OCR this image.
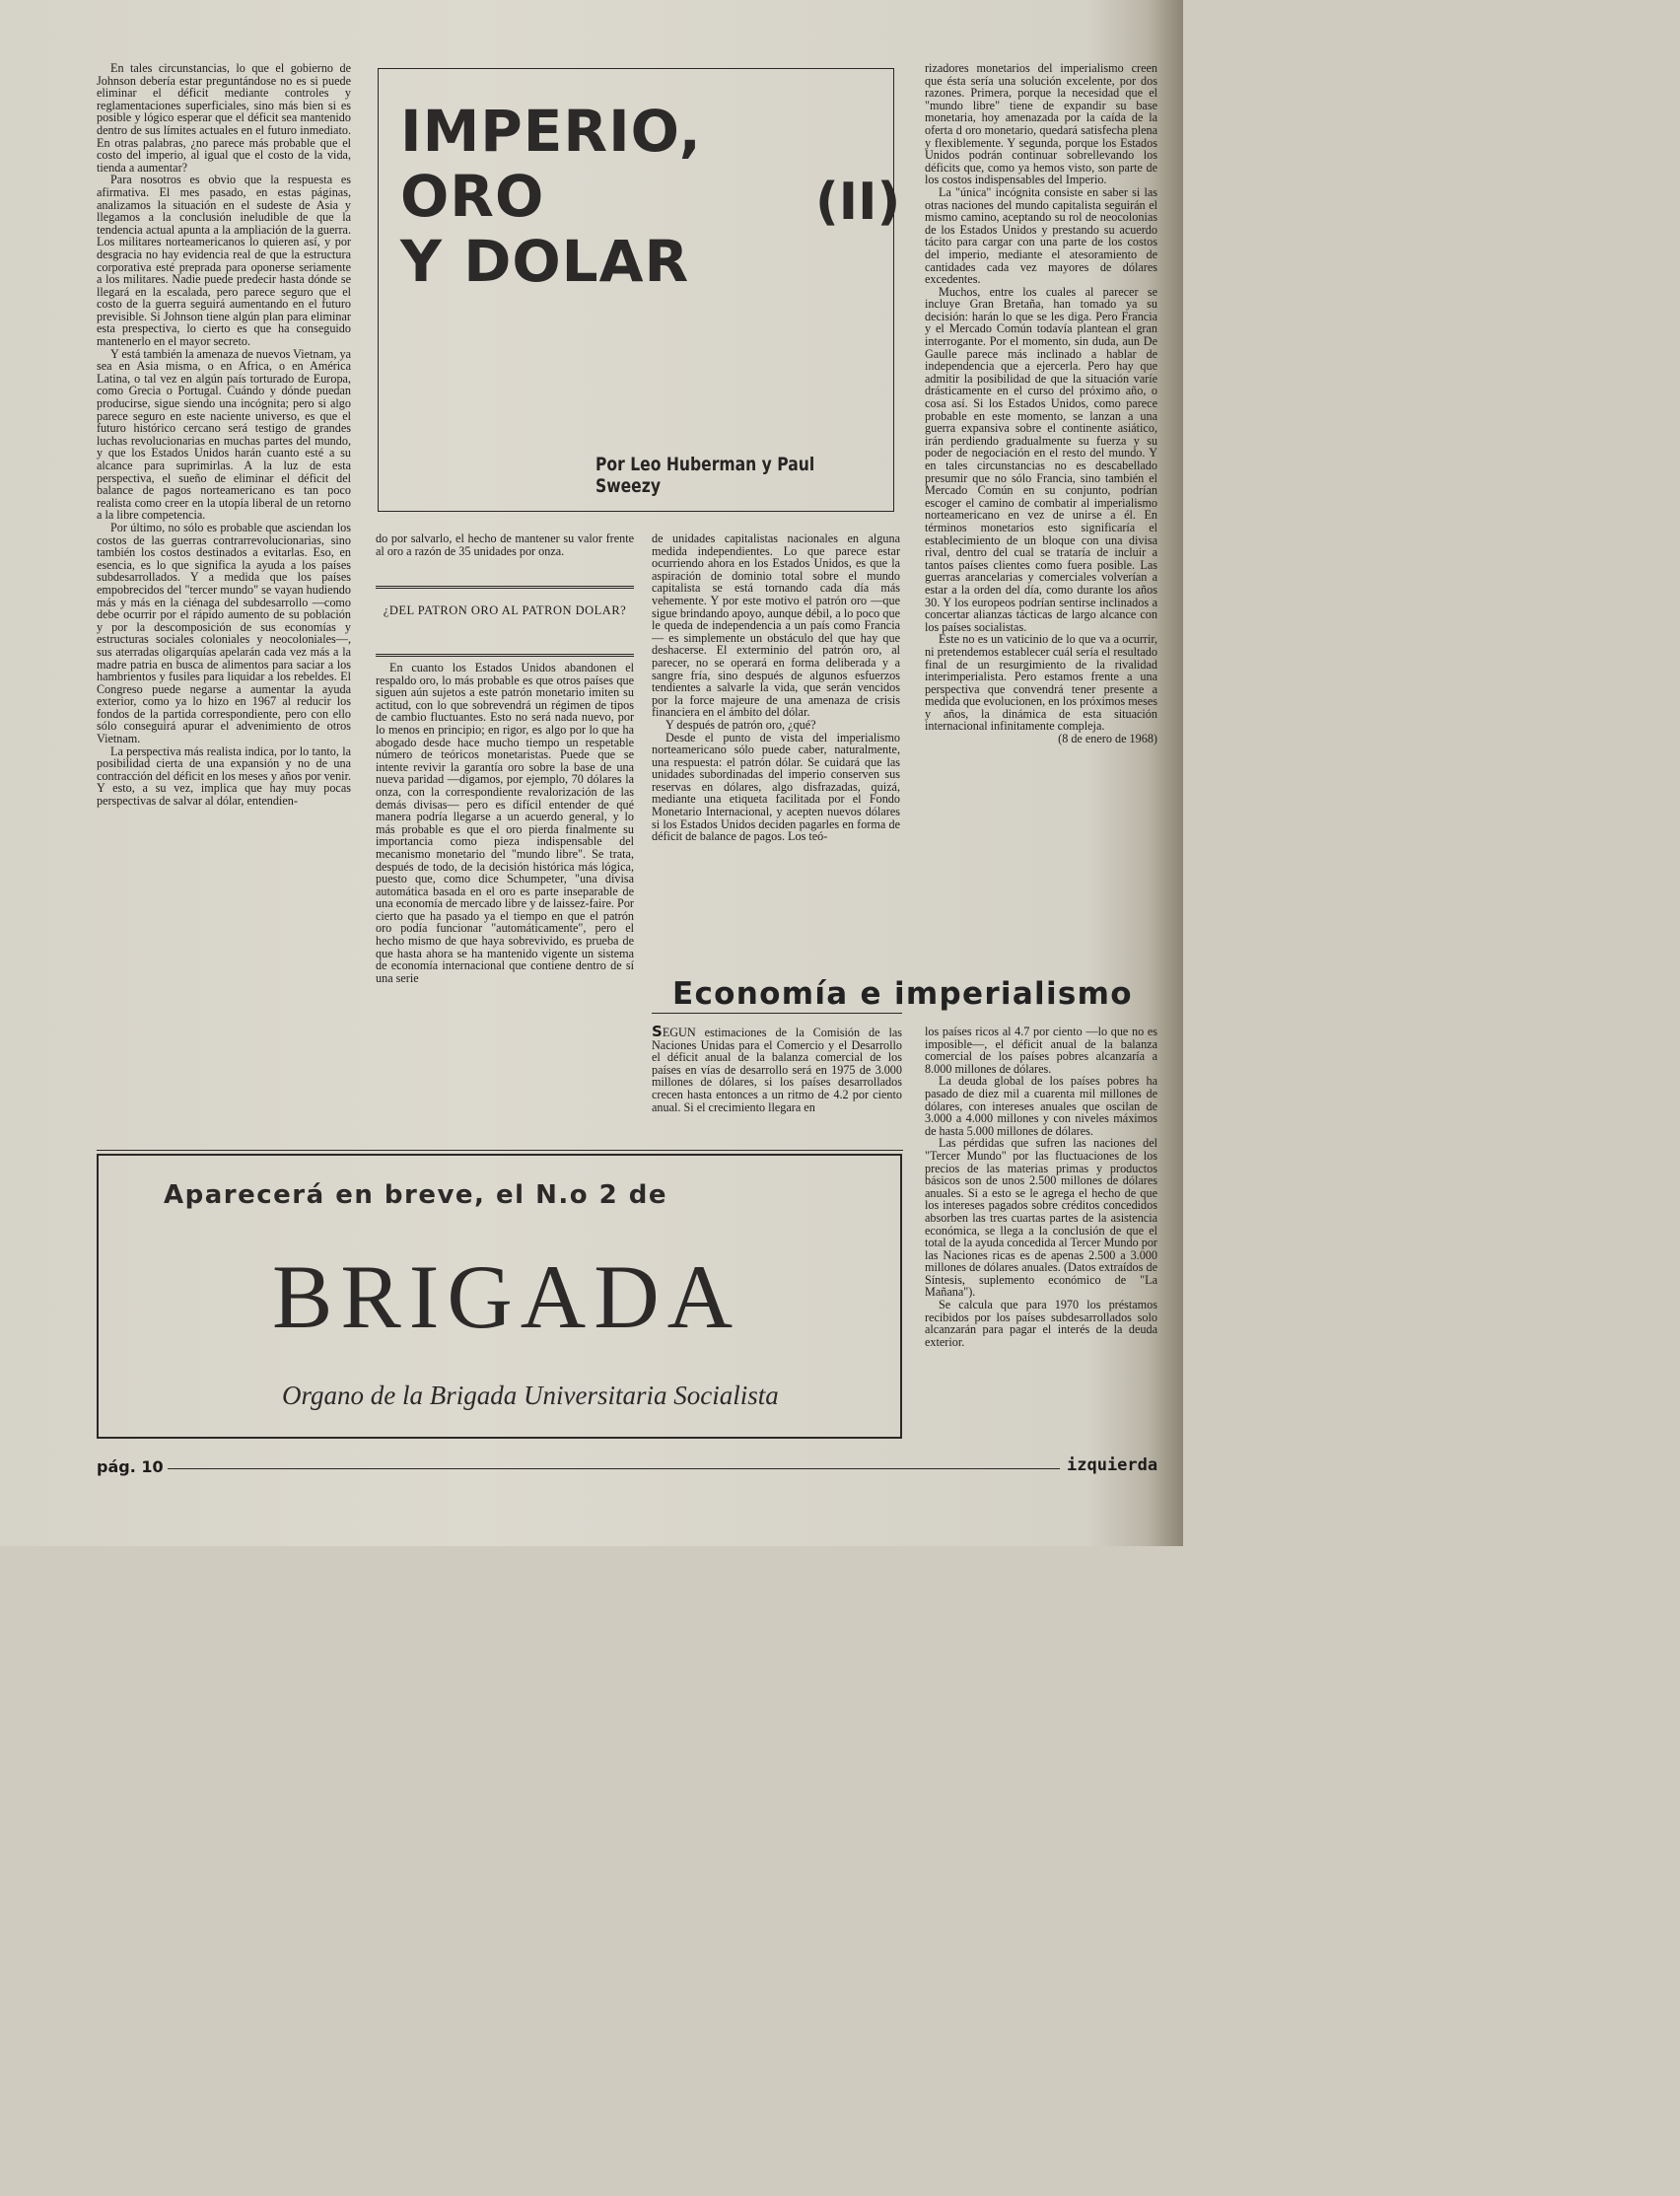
En tales circunstancias, lo que el gobierno de Johnson debería estar preguntándose no es si puede eliminar el déficit mediante controles y reglamentaciones superficiales, sino más bien si es posible y lógico esperar que el déficit sea mantenido dentro de sus límites actuales en el futuro inmediato. En otras palabras, ¿no parece más probable que el costo del imperio, al igual que el costo de la vida, tienda a aumentar?

Para nosotros es obvio que la respuesta es afirmativa. El mes pasado, en estas páginas, analizamos la situación en el sudeste de Asia y llegamos a la conclusión ineludible de que la tendencia actual apunta a la ampliación de la guerra. Los militares norteamericanos lo quieren así, y por desgracia no hay evidencia real de que la estructura corporativa esté preprada para oponerse seriamente a los militares. Nadie puede predecir hasta dónde se llegará en la escalada, pero parece seguro que el costo de la guerra seguirá aumentando en el futuro previsible. Si Johnson tiene algún plan para eliminar esta prespectiva, lo cierto es que ha conseguido mantenerlo en el mayor secreto.

Y está también la amenaza de nuevos Vietnam, ya sea en Asia misma, o en Africa, o en América Latina, o tal vez en algún país torturado de Europa, como Grecia o Portugal. Cuándo y dónde puedan producirse, sigue siendo una incógnita; pero si algo parece seguro en este naciente universo, es que el futuro histórico cercano será testigo de grandes luchas revolucionarias en muchas partes del mundo, y que los Estados Unidos harán cuanto esté a su alcance para suprimirlas. A la luz de esta perspectiva, el sueño de eliminar el déficit del balance de pagos norteamericano es tan poco realista como creer en la utopía liberal de un retorno a la libre competencia.

Por último, no sólo es probable que asciendan los costos de las guerras contrarrevolucionarias, sino también los costos destinados a evitarlas. Eso, en esencia, es lo que significa la ayuda a los países subdesarrollados. Y a medida que los países empobrecidos del "tercer mundo" se vayan hudiendo más y más en la ciénaga del subdesarrollo —como debe ocurrir por el rápido aumento de su población y por la descomposición de sus economías y estructuras sociales coloniales y neocoloniales—, sus aterradas oligarquías apelarán cada vez más a la madre patria en busca de alimentos para saciar a los hambrientos y fusiles para liquidar a los rebeldes. El Congreso puede negarse a aumentar la ayuda exterior, como ya lo hizo en 1967 al reducir los fondos de la partida correspondiente, pero con ello sólo conseguirá apurar el advenimiento de otros Vietnam.

La perspectiva más realista indica, por lo tanto, la posibilidad cierta de una expansión y no de una contracción del déficit en los meses y años por venir. Y esto, a su vez, implica que hay muy pocas perspectivas de salvar al dólar, entendien-

IMPERIO,
ORO
Y DOLAR
(II)
Por Leo Huberman y Paul Sweezy

do por salvarlo, el hecho de mantener su valor frente al oro a razón de 35 unidades por onza.

¿DEL PATRON ORO AL PATRON DOLAR?

En cuanto los Estados Unidos abandonen el respaldo oro, lo más probable es que otros países que siguen aún sujetos a este patrón monetario imiten su actitud, con lo que sobrevendrá un régimen de tipos de cambio fluctuantes. Esto no será nada nuevo, por lo menos en principio; en rigor, es algo por lo que ha abogado desde hace mucho tiempo un respetable número de teóricos monetaristas. Puede que se intente revivir la garantía oro sobre la base de una nueva paridad —digamos, por ejemplo, 70 dólares la onza, con la correspondiente revalorización de las demás divisas— pero es difícil entender de qué manera podría llegarse a un acuerdo general, y lo más probable es que el oro pierda finalmente su importancia como pieza indispensable del mecanismo monetario del "mundo libre". Se trata, después de todo, de la decisión histórica más lógica, puesto que, como dice Schumpeter, "una divisa automática basada en el oro es parte inseparable de una economía de mercado libre y de laissez-faire. Por cierto que ha pasado ya el tiempo en que el patrón oro podía funcionar "automáticamente", pero el hecho mismo de que haya sobrevivido, es prueba de que hasta ahora se ha mantenido vigente un sistema de economía internacional que contiene dentro de sí una serie

de unidades capitalistas nacionales en alguna medida independientes. Lo que parece estar ocurriendo ahora en los Estados Unidos, es que la aspiración de dominio total sobre el mundo capitalista se está tornando cada día más vehemente. Y por este motivo el patrón oro —que sigue brindando apoyo, aunque débil, a lo poco que le queda de independencia a un país como Francia— es simplemente un obstáculo del que hay que deshacerse. El exterminio del patrón oro, al parecer, no se operará en forma deliberada y a sangre fría, sino después de algunos esfuerzos tendientes a salvarle la vida, que serán vencidos por la force majeure de una amenaza de crisis financiera en el ámbito del dólar.

Y después de patrón oro, ¿qué?

Desde el punto de vista del imperialismo norteamericano sólo puede caber, naturalmente, una respuesta: el patrón dólar. Se cuidará que las unidades subordinadas del imperio conserven sus reservas en dólares, algo disfrazadas, quizá, mediante una etiqueta facilitada por el Fondo Monetario Internacional, y acepten nuevos dólares si los Estados Unidos deciden pagarles en forma de déficit de balance de pagos. Los teó-

rizadores monetarios del imperialismo creen que ésta sería una solución excelente, por dos razones. Primera, porque la necesidad que el "mundo libre" tiene de expandir su base monetaria, hoy amenazada por la caída de la oferta d oro monetario, quedará satisfecha plena y flexiblemente. Y segunda, porque los Estados Unidos podrán continuar sobrellevando los déficits que, como ya hemos visto, son parte de los costos indispensables del Imperio.

La "única" incógnita consiste en saber si las otras naciones del mundo capitalista seguirán el mismo camino, aceptando su rol de neocolonias de los Estados Unidos y prestando su acuerdo tácito para cargar con una parte de los costos del imperio, mediante el atesoramiento de cantidades cada vez mayores de dólares excedentes.

Muchos, entre los cuales al parecer se incluye Gran Bretaña, han tomado ya su decisión: harán lo que se les diga. Pero Francia y el Mercado Común todavía plantean el gran interrogante. Por el momento, sin duda, aun De Gaulle parece más inclinado a hablar de independencia que a ejercerla. Pero hay que admitir la posibilidad de que la situación varíe drásticamente en el curso del próximo año, o cosa así. Si los Estados Unidos, como parece probable en este momento, se lanzan a una guerra expansiva sobre el continente asiático, irán perdiendo gradualmente su fuerza y su poder de negociación en el resto del mundo. Y en tales circunstancias no es descabellado presumir que no sólo Francia, sino también el Mercado Común en su conjunto, podrían escoger el camino de combatir al imperialismo norteamericano en vez de unirse a él. En términos monetarios esto significaría el establecimiento de un bloque con una divisa rival, dentro del cual se trataría de incluir a tantos países clientes como fuera posible. Las guerras arancelarias y comerciales volverían a estar a la orden del día, como durante los años 30. Y los europeos podrían sentirse inclinados a concertar alianzas tácticas de largo alcance con los países socialistas.

Este no es un vaticinio de lo que va a ocurrir, ni pretendemos establecer cuál sería el resultado final de un resurgimiento de la rivalidad interimperialista. Pero estamos frente a una perspectiva que convendrá tener presente a medida que evolucionen, en los próximos meses y años, la dinámica de esta situación internacional infinitamente compleja.

(8 de enero de 1968)

Economía e imperialismo

SEGUN estimaciones de la Comisión de las Naciones Unidas para el Comercio y el Desarrollo el déficit anual de la balanza comercial de los países en vías de desarrollo será en 1975 de 3.000 millones de dólares, si los países desarrollados crecen hasta entonces a un ritmo de 4.2 por ciento anual. Si el crecimiento llegara en

los países ricos al 4.7 por ciento —lo que no es imposible—, el déficit anual de la balanza comercial de los países pobres alcanzaría a 8.000 millones de dólares.

La deuda global de los países pobres ha pasado de diez mil a cuarenta mil millones de dólares, con intereses anuales que oscilan de 3.000 a 4.000 millones y con niveles máximos de hasta 5.000 millones de dólares.

Las pérdidas que sufren las naciones del "Tercer Mundo" por las fluctuaciones de los precios de las materias primas y productos básicos son de unos 2.500 millones de dólares anuales. Si a esto se le agrega el hecho de que los intereses pagados sobre créditos concedidos absorben las tres cuartas partes de la asistencia económica, se llega a la conclusión de que el total de la ayuda concedida al Tercer Mundo por las Naciones ricas es de apenas 2.500 a 3.000 millones de dólares anuales. (Datos extraídos de Síntesis, suplemento económico de "La Mañana").

Se calcula que para 1970 los préstamos recibidos por los países subdesarrollados solo alcanzarán para pagar el interés de la deuda exterior.

Aparecerá en breve, el N.o 2 de
BRIGADA
Organo de la Brigada Universitaria Socialista
pág. 10	izquierda
